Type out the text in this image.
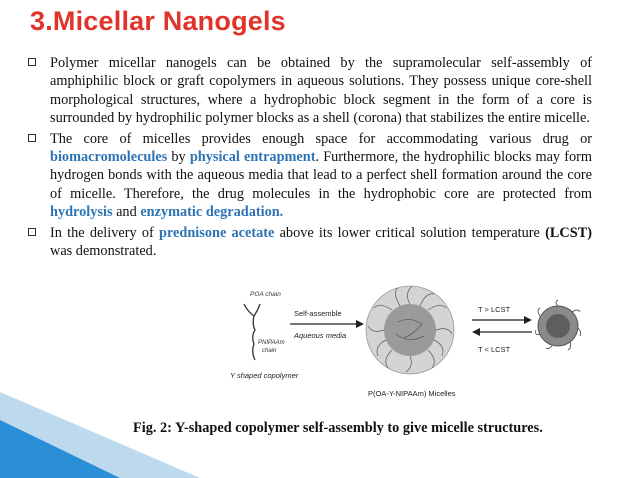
3.Micellar Nanogels
Polymer micellar nanogels can be obtained by the supramolecular self-assembly of amphiphilic block or graft copolymers in aqueous solutions. They possess unique core-shell morphological structures, where a hydrophobic block segment in the form of a core is surrounded by hydrophilic polymer blocks as a shell (corona) that stabilizes the entire micelle.
The core of micelles provides enough space for accommodating various drug or biomacromolecules by physical entrapment. Furthermore, the hydrophilic blocks may form hydrogen bonds with the aqueous media that lead to a perfect shell formation around the core of micelle. Therefore, the drug molecules in the hydrophobic core are protected from hydrolysis and enzymatic degradation.
In the delivery of prednisone acetate above its lower critical solution temperature (LCST) was demonstrated.
POA chain
PNIPAAm
chain
Y shaped copolymer
Self-assemble
Aqueous media
P(OA-Y-NIPAAm) Micelles
T > LCST
T < LCST

Fig. 2: Y-shaped copolymer self-assembly to give micelle structures.
